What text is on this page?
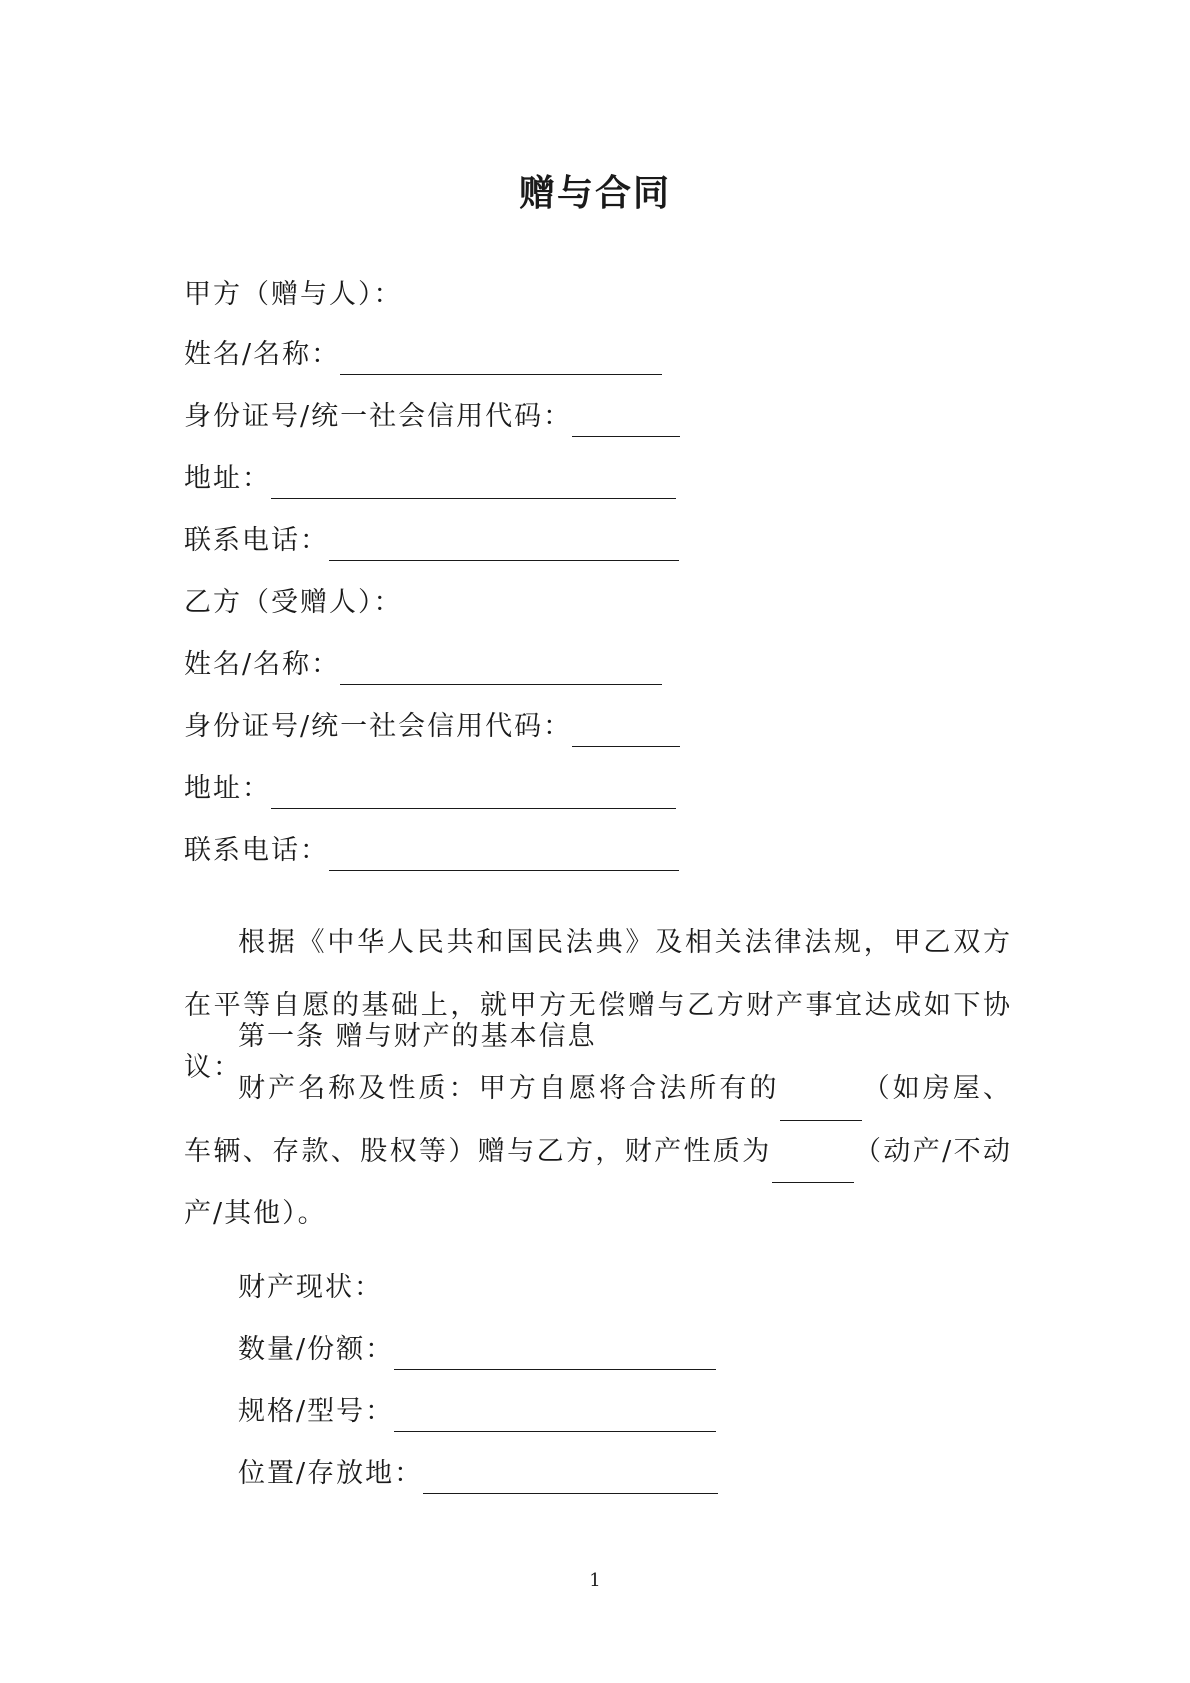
赠与合同
甲方（赠与人）：
姓名/名称：
身份证号/统一社会信用代码：
地址：
联系电话：
乙方（受赠人）：
姓名/名称：
身份证号/统一社会信用代码：
地址：
联系电话：
根据《中华人民共和国民法典》及相关法律法规，甲乙双方在平等自愿的基础上，就甲方无偿赠与乙方财产事宜达成如下协议：
第一条 赠与财产的基本信息
财产名称及性质：甲方自愿将合法所有的	（如房屋、车辆、存款、股权等）赠与乙方，财产性质为	（动产/不动产/其他）。
财产现状：
数量/份额：
规格/型号：
位置/存放地：
1
